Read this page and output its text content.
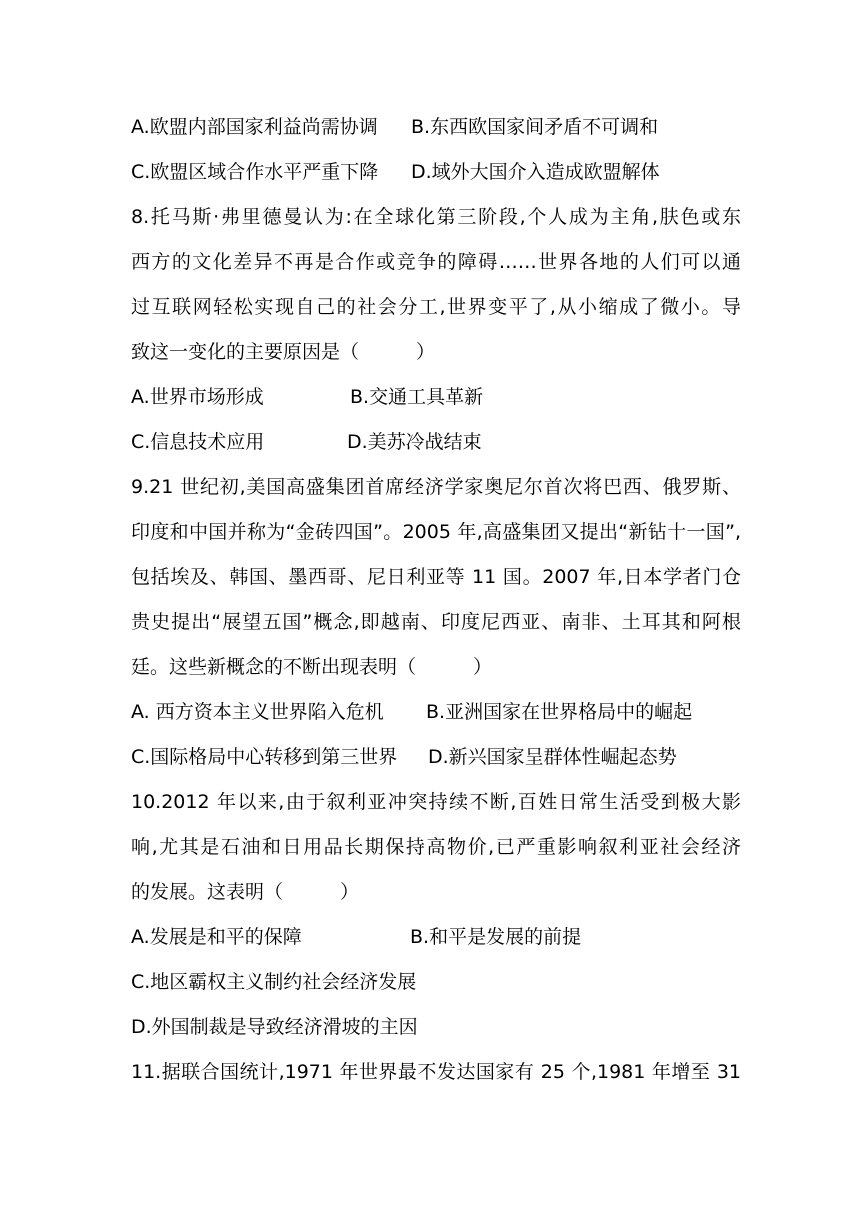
A.欧盟内部国家利益尚需协调 B.东西欧国家间矛盾不可调和
C.欧盟区域合作水平严重下降 D.域外大国介入造成欧盟解体
8.托马斯·弗里德曼认为:在全球化第三阶段,个人成为主角,肤色或东
西方的文化差异不再是合作或竞争的障碍……世界各地的人们可以通
过互联网轻松实现自己的社会分工,世界变平了,从小缩成了微小。导
致这一变化的主要原因是（　　　）
A.世界市场形成	B.交通工具革新
C.信息技术应用	D.美苏冷战结束
9.21 世纪初,美国高盛集团首席经济学家奥尼尔首次将巴西、俄罗斯、
印度和中国并称为“金砖四国”。2005 年,高盛集团又提出“新钻十一国”,
包括埃及、韩国、墨西哥、尼日利亚等 11 国。2007 年,日本学者门仓
贵史提出“展望五国”概念,即越南、印度尼西亚、南非、土耳其和阿根
廷。这些新概念的不断出现表明（　　　）
A. 西方资本主义世界陷入危机 B.亚洲国家在世界格局中的崛起
C.国际格局中心转移到第三世界 D.新兴国家呈群体性崛起态势
10.2012 年以来,由于叙利亚冲突持续不断,百姓日常生活受到极大影
响,尤其是石油和日用品长期保持高物价,已严重影响叙利亚社会经济
的发展。这表明（　　　）
A.发展是和平的保障	B.和平是发展的前提
C.地区霸权主义制约社会经济发展
D.外国制裁是导致经济滑坡的主因
11.据联合国统计,1971 年世界最不发达国家有 25 个,1981 年增至 31
